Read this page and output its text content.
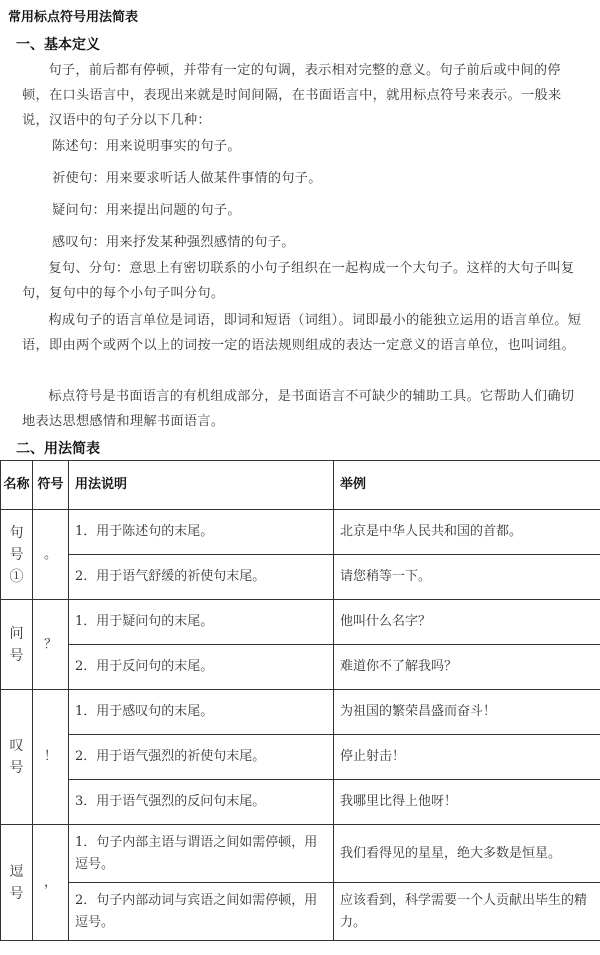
常用标点符号用法简表
一、基本定义
句子，前后都有停顿，并带有一定的句调，表示相对完整的意义。句子前后或中间的停顿，在口头语言中，表现出来就是时间间隔，在书面语言中，就用标点符号来表示。一般来说，汉语中的句子分以下几种：
陈述句：用来说明事实的句子。
祈使句：用来要求听话人做某件事情的句子。
疑问句：用来提出问题的句子。
感叹句：用来抒发某种强烈感情的句子。
复句、分句：意思上有密切联系的小句子组织在一起构成一个大句子。这样的大句子叫复句，复句中的每个小句子叫分句。
构成句子的语言单位是词语，即词和短语（词组）。词即最小的能独立运用的语言单位。短语，即由两个或两个以上的词按一定的语法规则组成的表达一定意义的语言单位，也叫词组。
标点符号是书面语言的有机组成部分，是书面语言不可缺少的辅助工具。它帮助人们确切地表达思想感情和理解书面语言。
二、用法简表
名称	符号	用法说明	举例

句号①	。	1．用于陈述句的末尾。	北京是中华人民共和国的首都。
		2．用于语气舒缓的祈使句末尾。	请您稍等一下。

问号	？	1．用于疑问句的末尾。	他叫什么名字？
		2．用于反问句的末尾。	难道你不了解我吗？

叹号	！	1．用于感叹句的末尾。	为祖国的繁荣昌盛而奋斗！
		2．用于语气强烈的祈使句末尾。	停止射击！
		3．用于语气强烈的反问句末尾。	我哪里比得上他呀！

逗号	，	1．句子内部主语与谓语之间如需停顿，用逗号。	我们看得见的星星，绝大多数是恒星。
		2．句子内部动词与宾语之间如需停顿，用逗号。	应该看到，科学需要一个人贡献出毕生的精力。
